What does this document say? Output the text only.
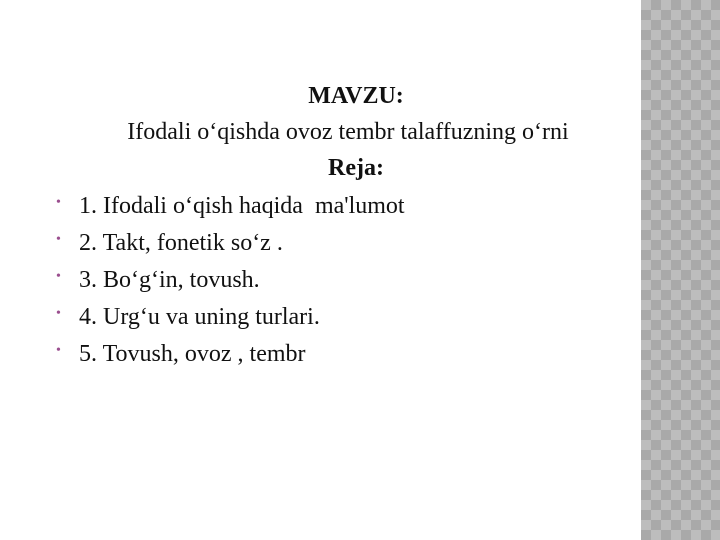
MAVZU:

Ifodali o‘qishda ovoz tembr talaffuzning o‘rni

Reja:

• 1. Ifodali o‘qish haqida  ma'lumot
• 2. Takt, fonetik so‘z .
• 3. Bo‘g‘in, tovush.
• 4. Urg‘u va uning turlari.
• 5. Tovush, ovoz , tembr
